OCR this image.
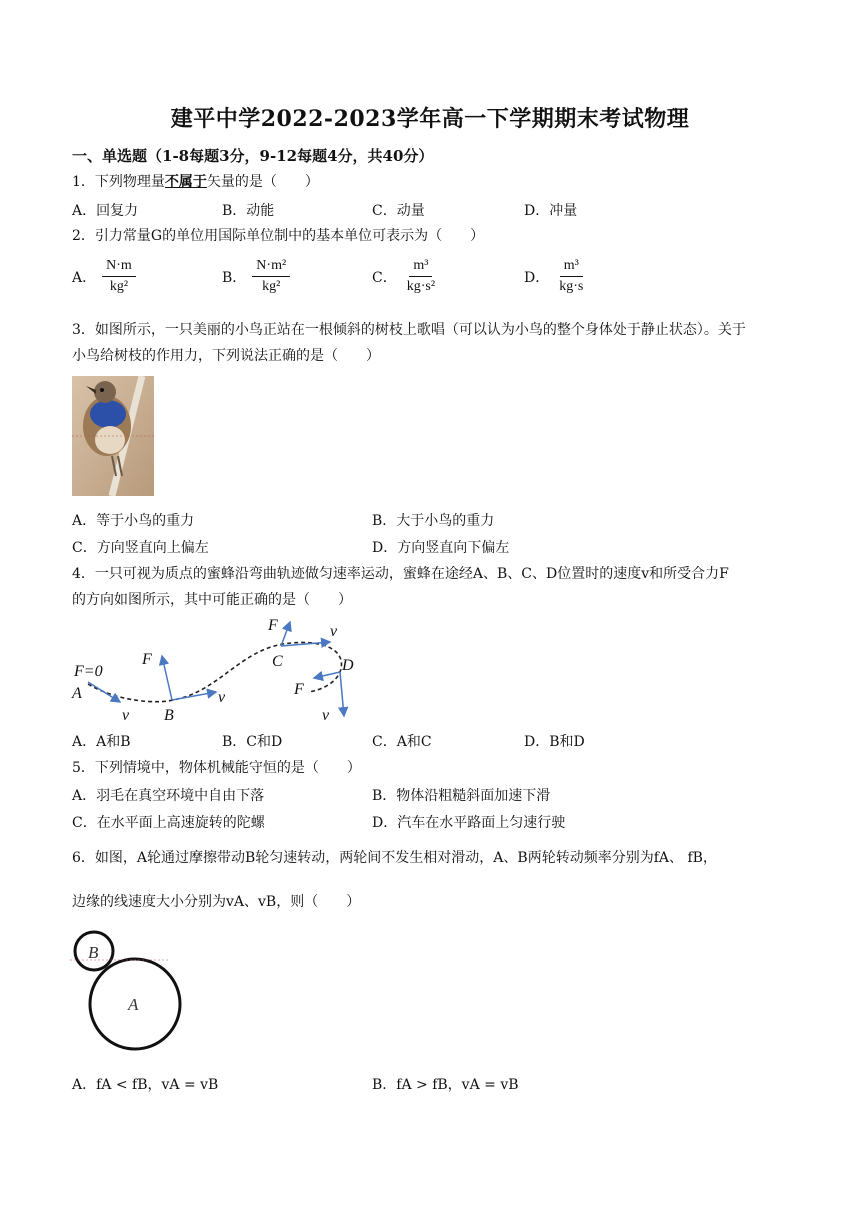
建平中学2022-2023学年高一下学期期末考试物理
一、单选题（1-8每题3分，9-12每题4分，共40分）
1．下列物理量不属于矢量的是（　　）
A．回复力	B．动能	C．动量	D．冲量
2．引力常量G的单位用国际单位制中的基本单位可表示为（　　）
A． $\frac{N\cdot m}{\text{kg²}}$	B． $\frac{\text{N·m²}}{\text{kg²}}$	C． $\frac{\text{m³}}{\text{kg·s²}}$	D． $\frac{\text{m³}}{kg\cdot s}$
3．如图所示，一只美丽的小鸟正站在一根倾斜的树枝上歌唱（可以认为小鸟的整个身体处于静止状态）。关于
小鸟给树枝的作用力，下列说法正确的是（　　）
A．等于小鸟的重力	B．大于小鸟的重力
C．方向竖直向上偏左	D．方向竖直向下偏左
4．一只可视为质点的蜜蜂沿弯曲轨迹做匀速率运动，蜜蜂在途经A、B、C、D位置时的速度v和所受合力F
的方向如图所示，其中可能正确的是（　　）
F=0
A
v
F
B
v
F
C
v
D
F
v
A．A和B	B．C和D	C．A和C	D．B和D
5．下列情境中，物体机械能守恒的是（　　）
A．羽毛在真空环境中自由下落	B．物体沿粗糙斜面加速下滑
C．在水平面上高速旋转的陀螺	D．汽车在水平路面上匀速行驶
6．如图，A轮通过摩擦带动B轮匀速转动，两轮间不发生相对滑动，A、B两轮转动频率分别为fA、 fB，
边缘的线速度大小分别为vA、vB，则（　　）
B
A
A．fA < fB，vA = vB	B．fA > fB，vA = vB
